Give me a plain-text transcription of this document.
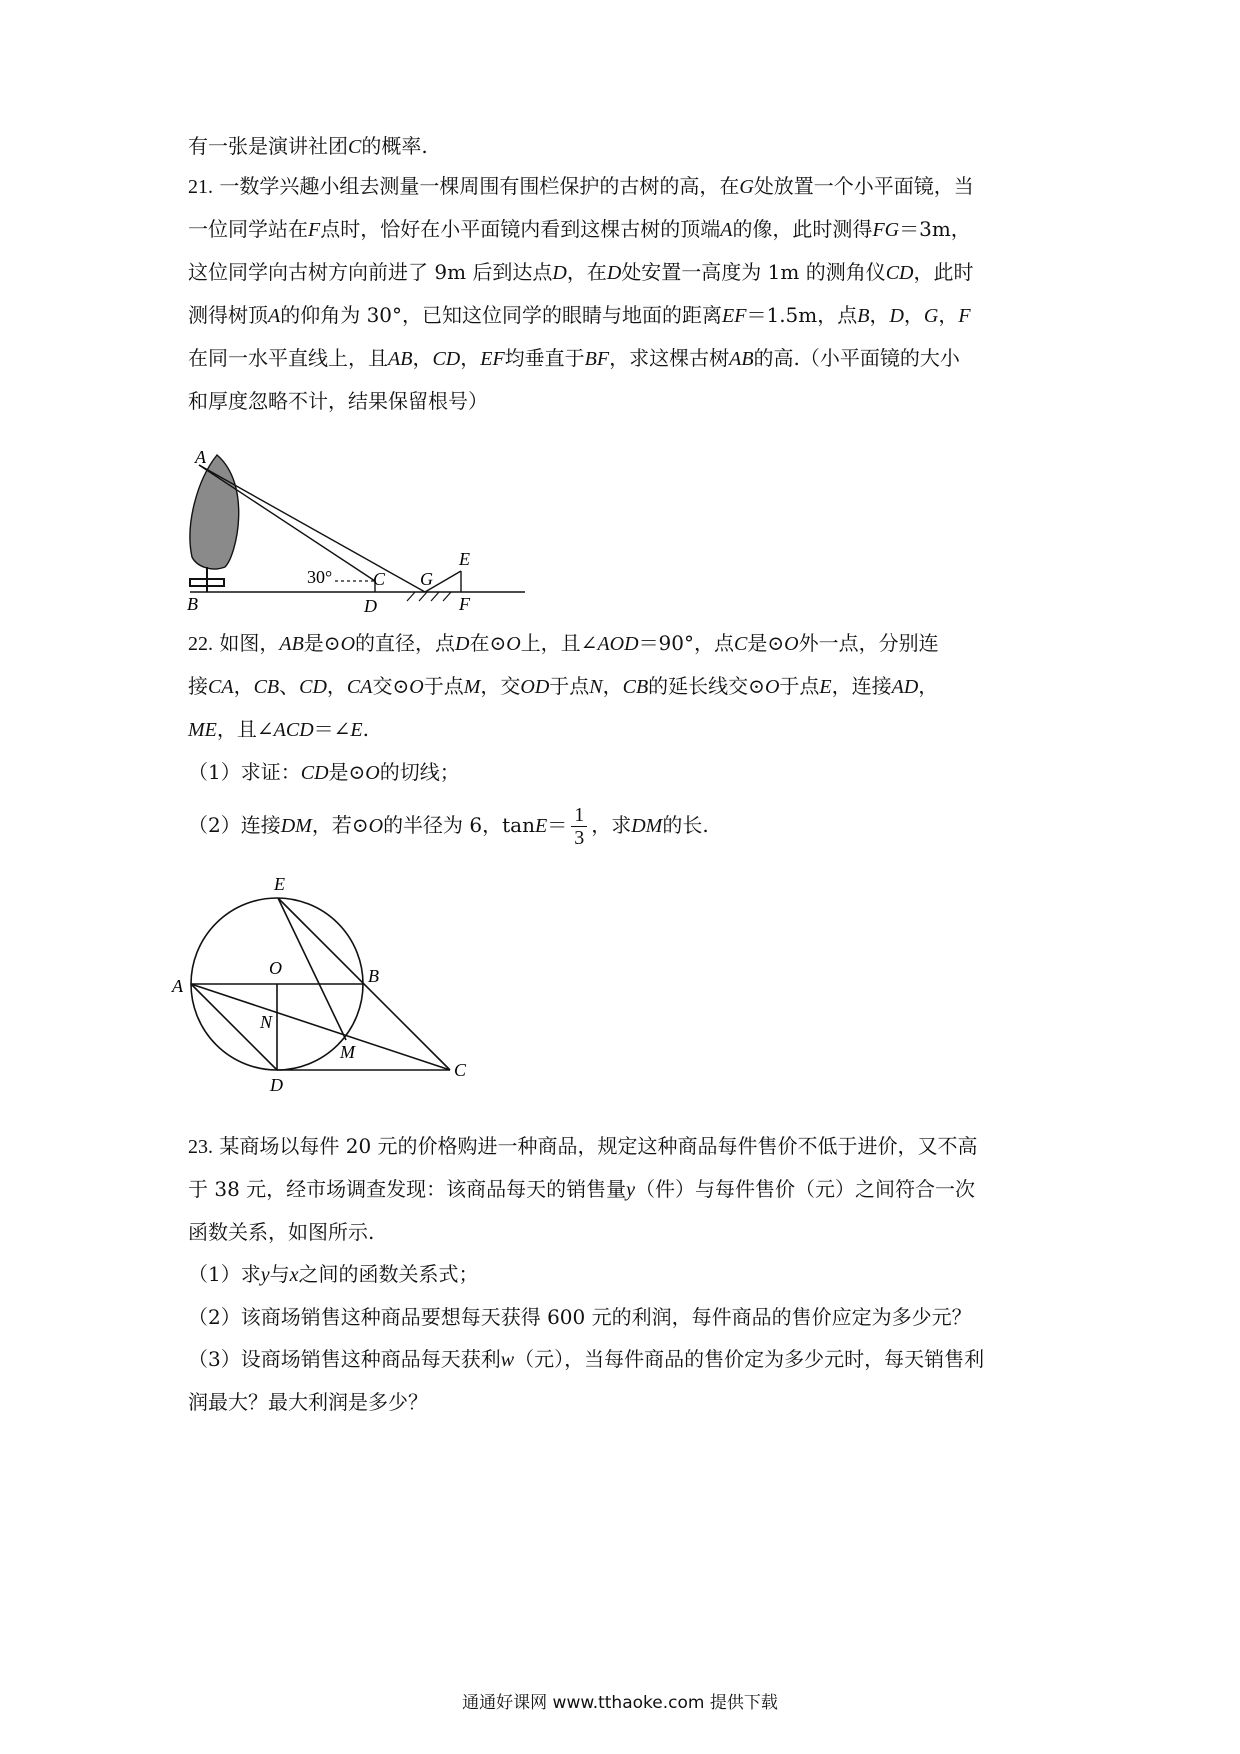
有一张是演讲社团C的概率.
21. 一数学兴趣小组去测量一棵周围有围栏保护的古树的高，在G处放置一个小平面镜，当
一位同学站在F点时，恰好在小平面镜内看到这棵古树的顶端A的像，此时测得FG＝3m，
这位同学向古树方向前进了 9m 后到达点D，在D处安置一高度为 1m 的测角仪CD，此时
测得树顶A的仰角为 30°，已知这位同学的眼睛与地面的距离EF＝1.5m，点B，D，G，F
在同一水平直线上，且AB，CD，EF均垂直于BF，求这棵古树AB的高.（小平面镜的大小
和厚度忽略不计，结果保留根号）
A
B
C
D
G
E
F
30°
22. 如图，AB是⊙O的直径，点D在⊙O上，且∠AOD＝90°，点C是⊙O外一点，分别连
接CA，CB、CD，CA交⊙O于点M，交OD于点N，CB的延长线交⊙O于点E，连接AD，
ME，且∠ACD＝∠E.
（1）求证：CD是⊙O的切线；
（2）连接DM，若⊙O的半径为 6，$\tan E= \frac{1}{3}$ ，求DM的长.
E
O	B
A
N
M
D
C
23. 某商场以每件 20 元的价格购进一种商品，规定这种商品每件售价不低于进价，又不高
于 38 元，经市场调查发现：该商品每天的销售量y（件）与每件售价（元）之间符合一次
函数关系，如图所示.
（1）求y与x之间的函数关系式；
（2）该商场销售这种商品要想每天获得 600 元的利润，每件商品的售价应定为多少元？
（3）设商场销售这种商品每天获利w（元），当每件商品的售价定为多少元时，每天销售利
润最大？最大利润是多少？
通通好课网 www.tthaoke.com 提供下载
